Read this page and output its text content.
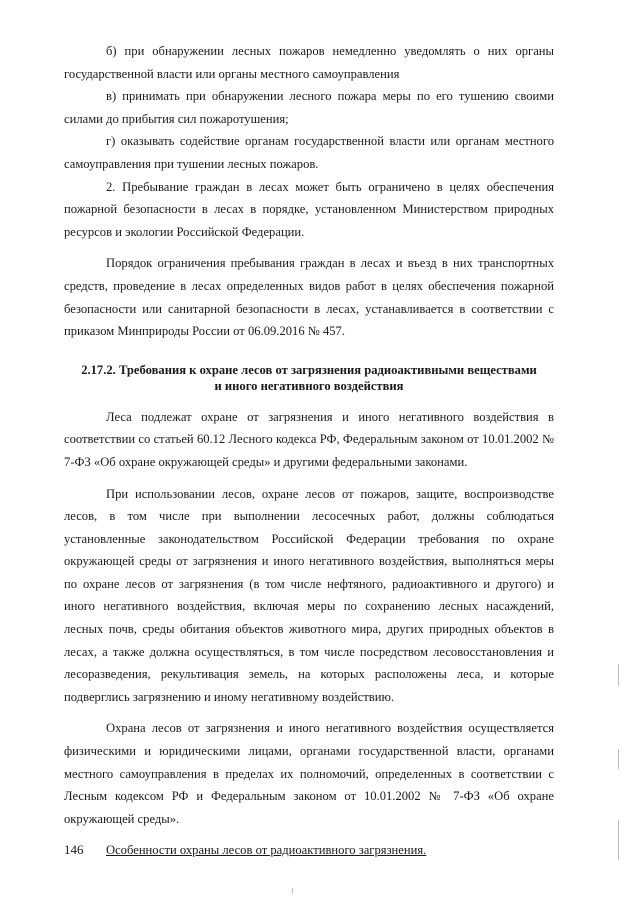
б) при обнаружении лесных пожаров немедленно уведомлять о них органы государственной власти или органы местного самоуправления

в) принимать при обнаружении лесного пожара меры по его тушению своими силами до прибытия сил пожаротушения;

г) оказывать содействие органам государственной власти или органам местного самоуправления при тушении лесных пожаров.

2. Пребывание граждан в лесах может быть ограничено в целях обеспечения пожарной безопасности в лесах в порядке, установленном Министерством природных ресурсов и экологии Российской Федерации.

Порядок ограничения пребывания граждан в лесах и въезд в них транспортных средств, проведение в лесах определенных видов работ в целях обеспечения пожарной безопасности или санитарной безопасности в лесах, устанавливается в соответствии с приказом Минприроды России от 06.09.2016 № 457.

2.17.2. Требования к охране лесов от загрязнения радиоактивными веществами
и иного негативного воздействия

Леса подлежат охране от загрязнения и иного негативного воздействия в соответствии со статьей 60.12 Лесного кодекса РФ, Федеральным законом от 10.01.2002 № 7-ФЗ «Об охране окружающей среды» и другими федеральными законами.

При использовании лесов, охране лесов от пожаров, защите, воспроизводстве лесов, в том числе при выполнении лесосечных работ, должны соблюдаться установленные законодательством Российской Федерации требования по охране окружающей среды от загрязнения и иного негативного воздействия, выполняться меры по охране лесов от загрязнения (в том числе нефтяного, радиоактивного и другого) и иного негативного воздействия, включая меры по сохранению лесных насаждений, лесных почв, среды обитания объектов животного мира, других природных объектов в лесах, а также должна осуществляться, в том числе посредством лесовосстановления и лесоразведения, рекультивация земель, на которых расположены леса, и которые подверглись загрязнению и иному негативному воздействию.

Охрана лесов от загрязнения и иного негативного воздействия осуществляется физическими и юридическими лицами, органами государственной власти, органами местного самоуправления в пределах их полномочий, определенных в соответствии с Лесным кодексом РФ и Федеральным законом от 10.01.2002 № 7-ФЗ «Об охране окружающей среды».

Особенности охраны лесов от радиоактивного загрязнения.

146
